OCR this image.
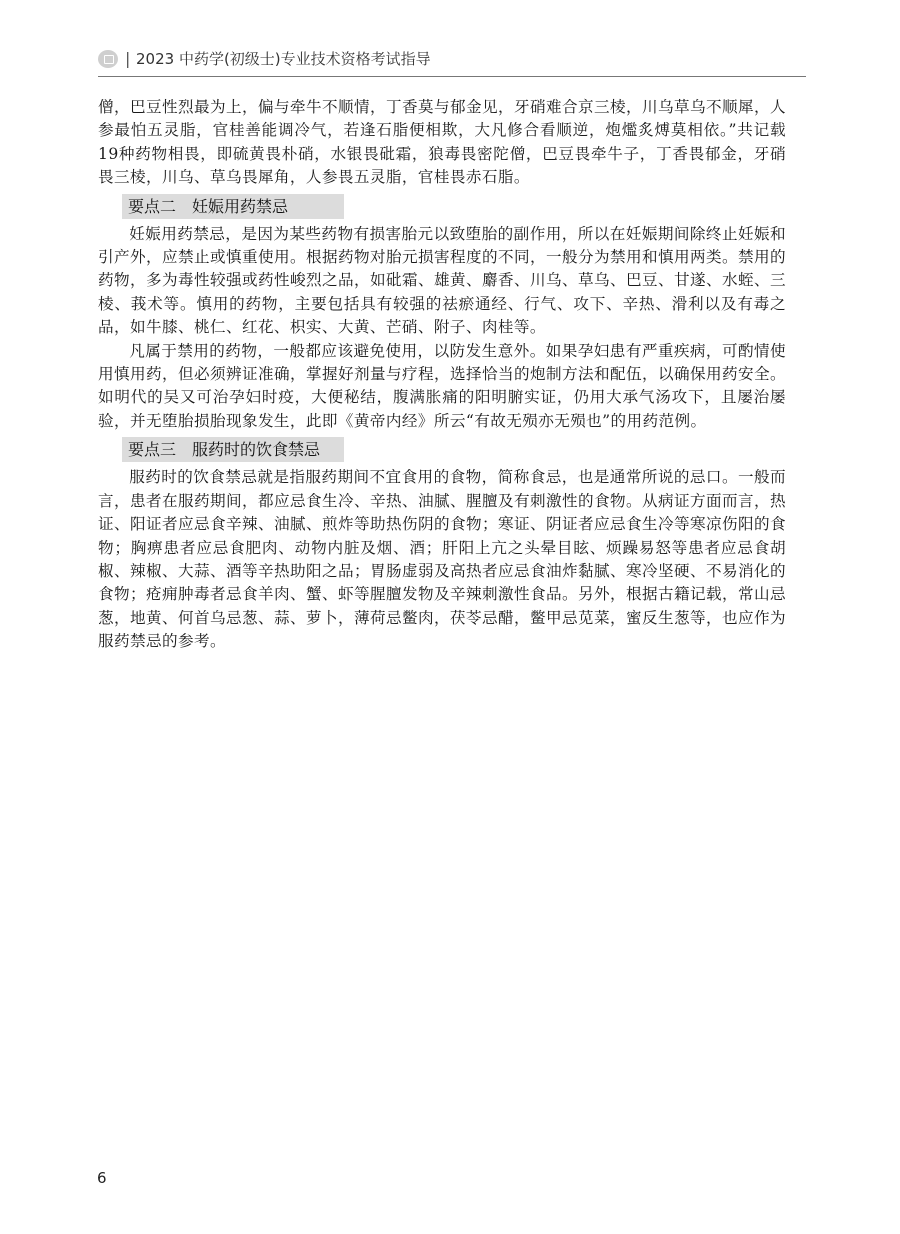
| 2023 中药学(初级士)专业技术资格考试指导

僧，巴豆性烈最为上，偏与牵牛不顺情，丁香莫与郁金见，牙硝难合京三棱，川乌草乌不顺犀，人参最怕五灵脂，官桂善能调冷气，若逢石脂便相欺，大凡修合看顺逆，炮爁炙煿莫相依。”共记载19种药物相畏，即硫黄畏朴硝，水银畏砒霜，狼毒畏密陀僧，巴豆畏牵牛子，丁香畏郁金，牙硝畏三棱，川乌、草乌畏犀角，人参畏五灵脂，官桂畏赤石脂。

要点二　妊娠用药禁忌

妊娠用药禁忌，是因为某些药物有损害胎元以致堕胎的副作用，所以在妊娠期间除终止妊娠和引产外，应禁止或慎重使用。根据药物对胎元损害程度的不同，一般分为禁用和慎用两类。禁用的药物，多为毒性较强或药性峻烈之品，如砒霜、雄黄、麝香、川乌、草乌、巴豆、甘遂、水蛭、三棱、莪术等。慎用的药物，主要包括具有较强的祛瘀通经、行气、攻下、辛热、滑利以及有毒之品，如牛膝、桃仁、红花、枳实、大黄、芒硝、附子、肉桂等。

凡属于禁用的药物，一般都应该避免使用，以防发生意外。如果孕妇患有严重疾病，可酌情使用慎用药，但必须辨证准确，掌握好剂量与疗程，选择恰当的炮制方法和配伍，以确保用药安全。如明代的吴又可治孕妇时疫，大便秘结，腹满胀痛的阳明腑实证，仍用大承气汤攻下，且屡治屡验，并无堕胎损胎现象发生，此即《黄帝内经》所云“有故无殒亦无殒也”的用药范例。

要点三　服药时的饮食禁忌

服药时的饮食禁忌就是指服药期间不宜食用的食物，简称食忌，也是通常所说的忌口。一般而言，患者在服药期间，都应忌食生冷、辛热、油腻、腥膻及有刺激性的食物。从病证方面而言，热证、阳证者应忌食辛辣、油腻、煎炸等助热伤阴的食物；寒证、阴证者应忌食生冷等寒凉伤阳的食物；胸痹患者应忌食肥肉、动物内脏及烟、酒；肝阳上亢之头晕目眩、烦躁易怒等患者应忌食胡椒、辣椒、大蒜、酒等辛热助阳之品；胃肠虚弱及高热者应忌食油炸黏腻、寒冷坚硬、不易消化的食物；疮痈肿毒者忌食羊肉、蟹、虾等腥膻发物及辛辣刺激性食品。另外，根据古籍记载，常山忌葱，地黄、何首乌忌葱、蒜、萝卜，薄荷忌鳖肉，茯苓忌醋，鳖甲忌苋菜，蜜反生葱等，也应作为服药禁忌的参考。

6
